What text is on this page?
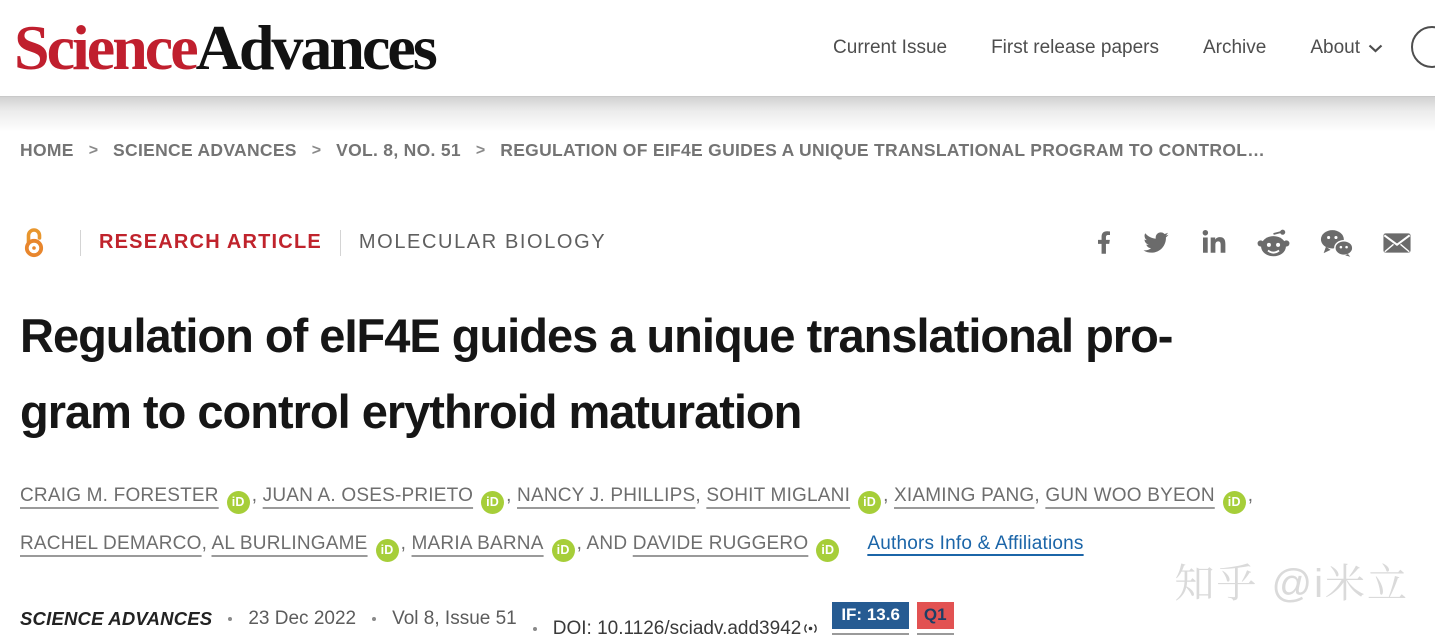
ScienceAdvances	Current Issue First release papers Archive About
HOME > SCIENCE ADVANCES > VOL. 8, NO. 51 > REGULATION OF EIF4E GUIDES A UNIQUE TRANSLATIONAL PROGRAM TO CONTROL…
RESEARCH ARTICLE MOLECULAR BIOLOGY
Regulation of eIF4E guides a unique translational pro-
gram to control erythroid maturation
CRAIG M. FORESTER iD , JUAN A. OSES-PRIETO iD , NANCY J. PHILLIPS, SOHIT MIGLANI iD , XIAMING PANG, GUN WOO BYEON iD , RACHEL DEMARCO, AL BURLINGAME iD , MARIA BARNA iD , AND DAVIDE RUGGERO iD Authors Info & Affiliations
SCIENCE ADVANCES 23 Dec 2022 Vol 8, Issue 51 DOI: 10.1126/sciadv.add3942
IF: 13.6	Q1
知乎 @i米立
